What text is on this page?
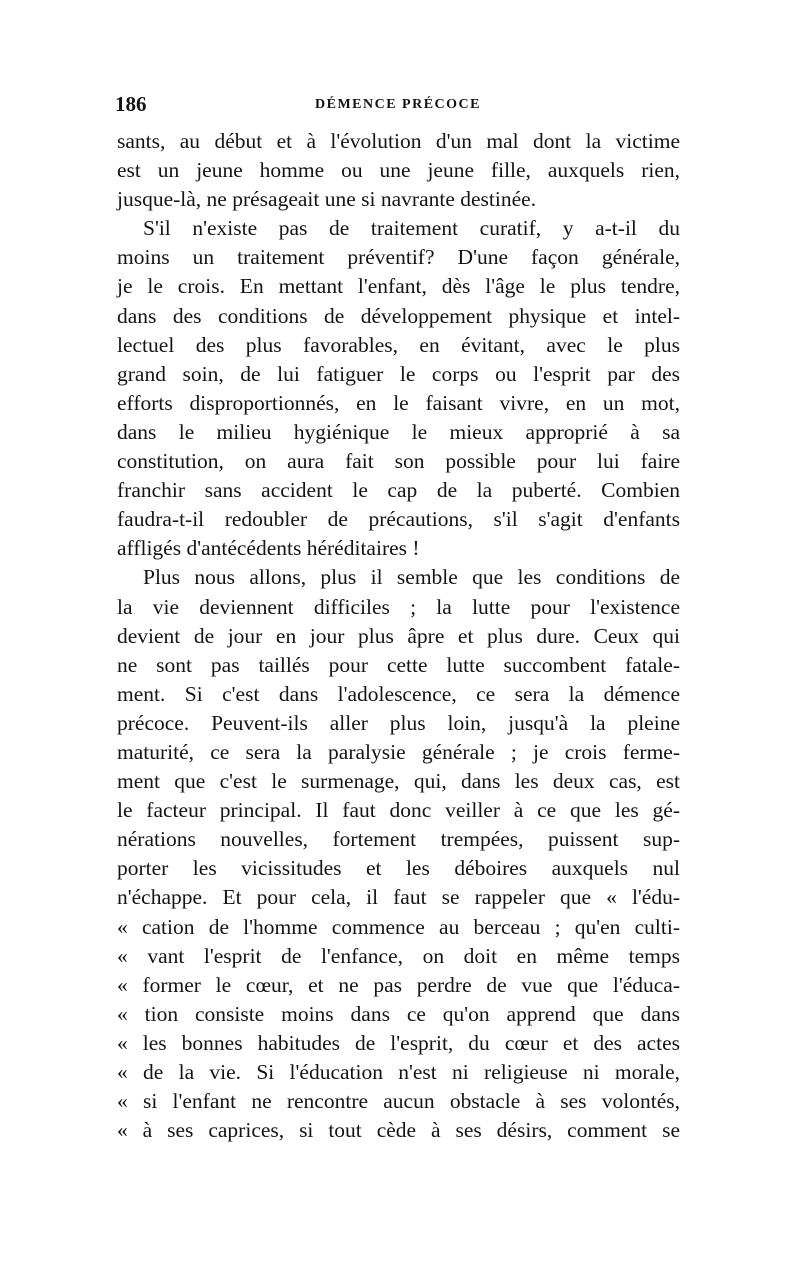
186	DÉMENCE PRÉCOCE
sants, au début et à l'évolution d'un mal dont la victime
est un jeune homme ou une jeune fille, auxquels rien,
jusque-là, ne présageait une si navrante destinée.
S'il n'existe pas de traitement curatif, y a-t-il du
moins un traitement préventif? D'une façon générale,
je le crois. En mettant l'enfant, dès l'âge le plus tendre,
dans des conditions de développement physique et intel-
lectuel des plus favorables, en évitant, avec le plus
grand soin, de lui fatiguer le corps ou l'esprit par des
efforts disproportionnés, en le faisant vivre, en un mot,
dans le milieu hygiénique le mieux approprié à sa
constitution, on aura fait son possible pour lui faire
franchir sans accident le cap de la puberté. Combien
faudra-t-il redoubler de précautions, s'il s'agit d'enfants
affligés d'antécédents héréditaires !
Plus nous allons, plus il semble que les conditions de
la vie deviennent difficiles ; la lutte pour l'existence
devient de jour en jour plus âpre et plus dure. Ceux qui
ne sont pas taillés pour cette lutte succombent fatale-
ment. Si c'est dans l'adolescence, ce sera la démence
précoce. Peuvent-ils aller plus loin, jusqu'à la pleine
maturité, ce sera la paralysie générale ; je crois ferme-
ment que c'est le surmenage, qui, dans les deux cas, est
le facteur principal. Il faut donc veiller à ce que les gé-
nérations nouvelles, fortement trempées, puissent sup-
porter les vicissitudes et les déboires auxquels nul
n'échappe. Et pour cela, il faut se rappeler que « l'édu-
« cation de l'homme commence au berceau ; qu'en culti-
« vant l'esprit de l'enfance, on doit en même temps
« former le cœur, et ne pas perdre de vue que l'éduca-
« tion consiste moins dans ce qu'on apprend que dans
« les bonnes habitudes de l'esprit, du cœur et des actes
« de la vie. Si l'éducation n'est ni religieuse ni morale,
« si l'enfant ne rencontre aucun obstacle à ses volontés,
« à ses caprices, si tout cède à ses désirs, comment se
